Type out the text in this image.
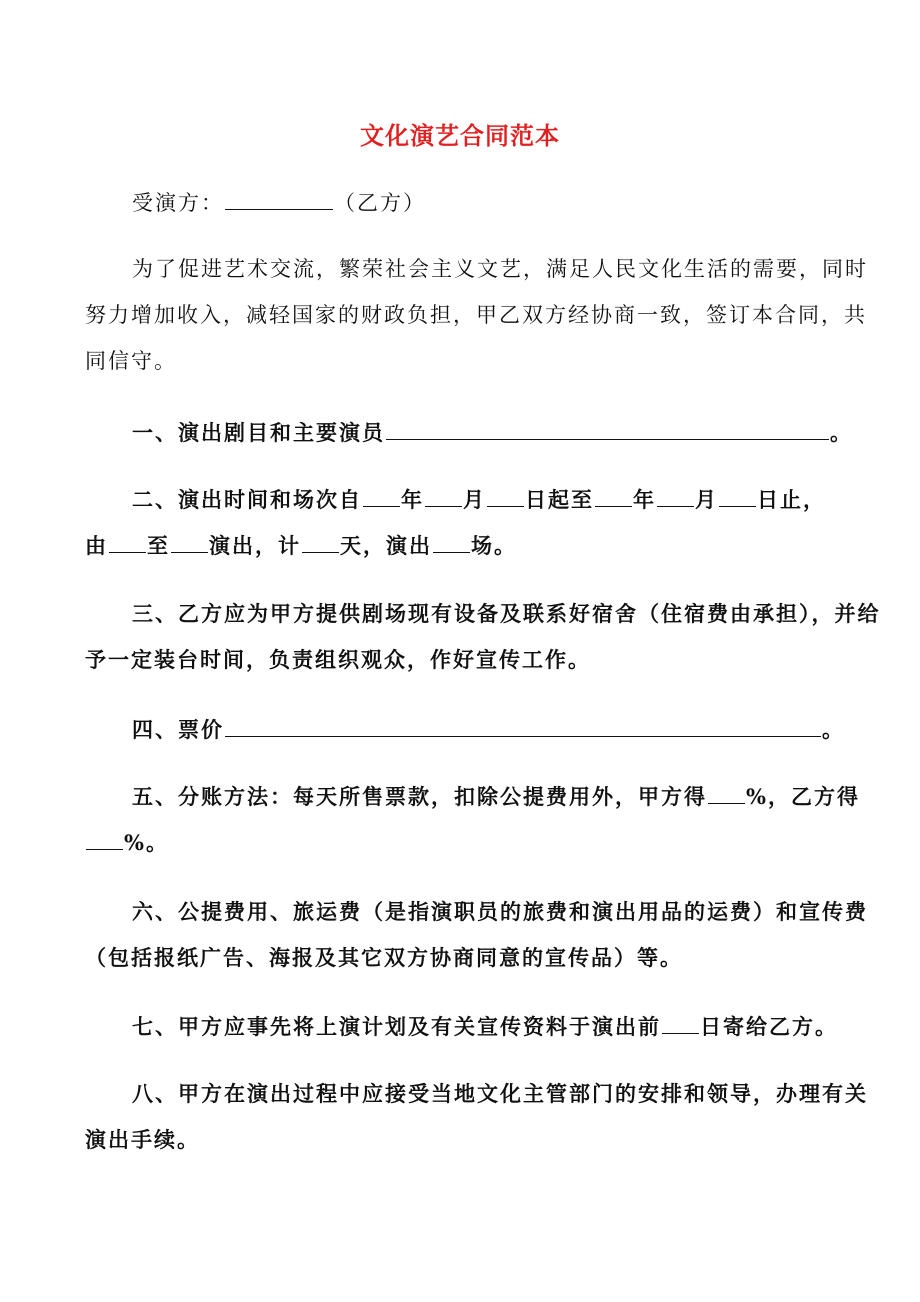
文化演艺合同范本
受演方：	（乙方）
为了促进艺术交流，繁荣社会主义文艺，满足人民文化生活的需要，同时
努力增加收入，减轻国家的财政负担，甲乙双方经协商一致，签订本合同，共
同信守。
一、演出剧目和主要演员	。
二、演出时间和场次自 年 月 日起至 年 月 日止，
由 至 演出，计 天，演出 场。
三、乙方应为甲方提供剧场现有设备及联系好宿舍（住宿费由承担），并给
予一定装台时间，负责组织观众，作好宣传工作。
四、票价	。
五、分账方法：每天所售票款，扣除公提费用外，甲方得 %，乙方得
%。
六、公提费用、旅运费（是指演职员的旅费和演出用品的运费）和宣传费
（包括报纸广告、海报及其它双方协商同意的宣传品）等。
七、甲方应事先将上演计划及有关宣传资料于演出前 日寄给乙方。
八、甲方在演出过程中应接受当地文化主管部门的安排和领导，办理有关
演出手续。
